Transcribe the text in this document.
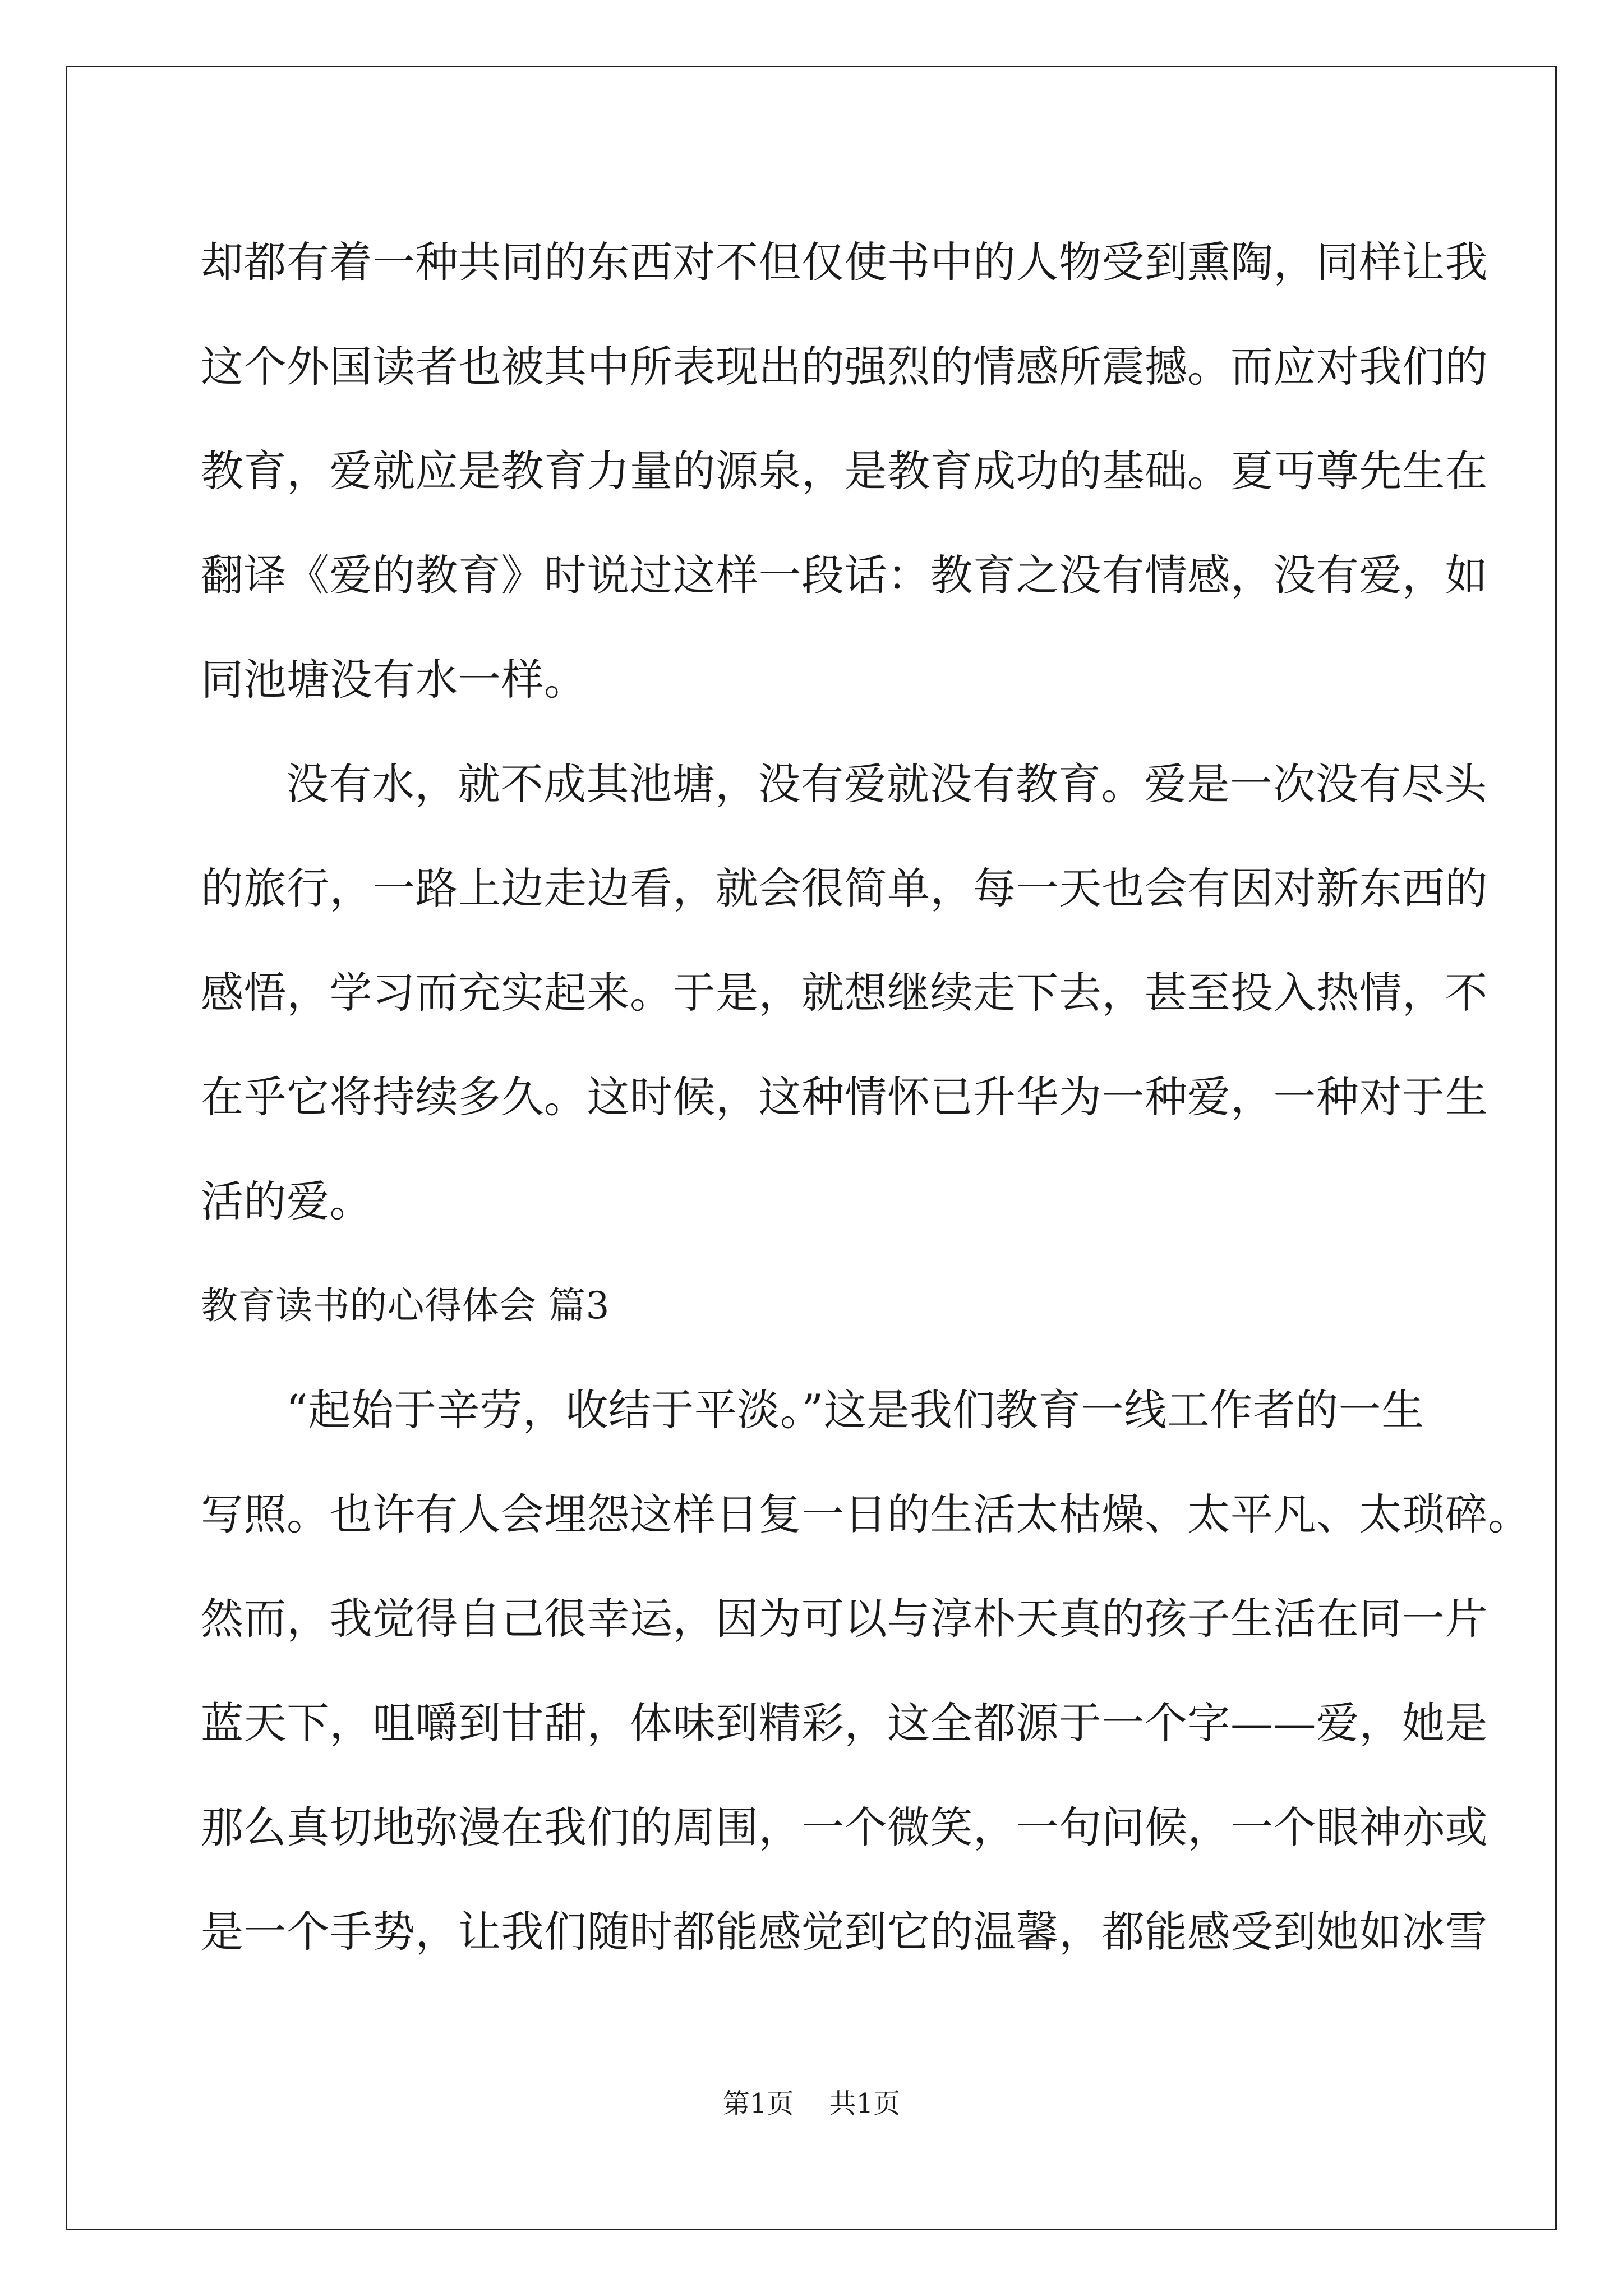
却都有着一种共同的东西对不但仅使书中的人物受到熏陶，同样让我
这个外国读者也被其中所表现出的强烈的情感所震撼。而应对我们的
教育，爱就应是教育力量的源泉，是教育成功的基础。夏丏尊先生在
翻译《爱的教育》时说过这样一段话：教育之没有情感，没有爱，如
同池塘没有水一样。
没有水，就不成其池塘，没有爱就没有教育。爱是一次没有尽头
的旅行，一路上边走边看，就会很简单，每一天也会有因对新东西的
感悟，学习而充实起来。于是，就想继续走下去，甚至投入热情，不
在乎它将持续多久。这时候，这种情怀已升华为一种爱，一种对于生
活的爱。
教育读书的心得体会 篇3
“起始于辛劳，收结于平淡。”这是我们教育一线工作者的一生
写照。也许有人会埋怨这样日复一日的生活太枯燥、太平凡、太琐碎。
然而，我觉得自己很幸运，因为可以与淳朴天真的孩子生活在同一片
蓝天下，咀嚼到甘甜，体味到精彩，这全都源于一个字——爱，她是
那么真切地弥漫在我们的周围，一个微笑，一句问候，一个眼神亦或
是一个手势，让我们随时都能感觉到它的温馨，都能感受到她如冰雪
第1页 共1页
